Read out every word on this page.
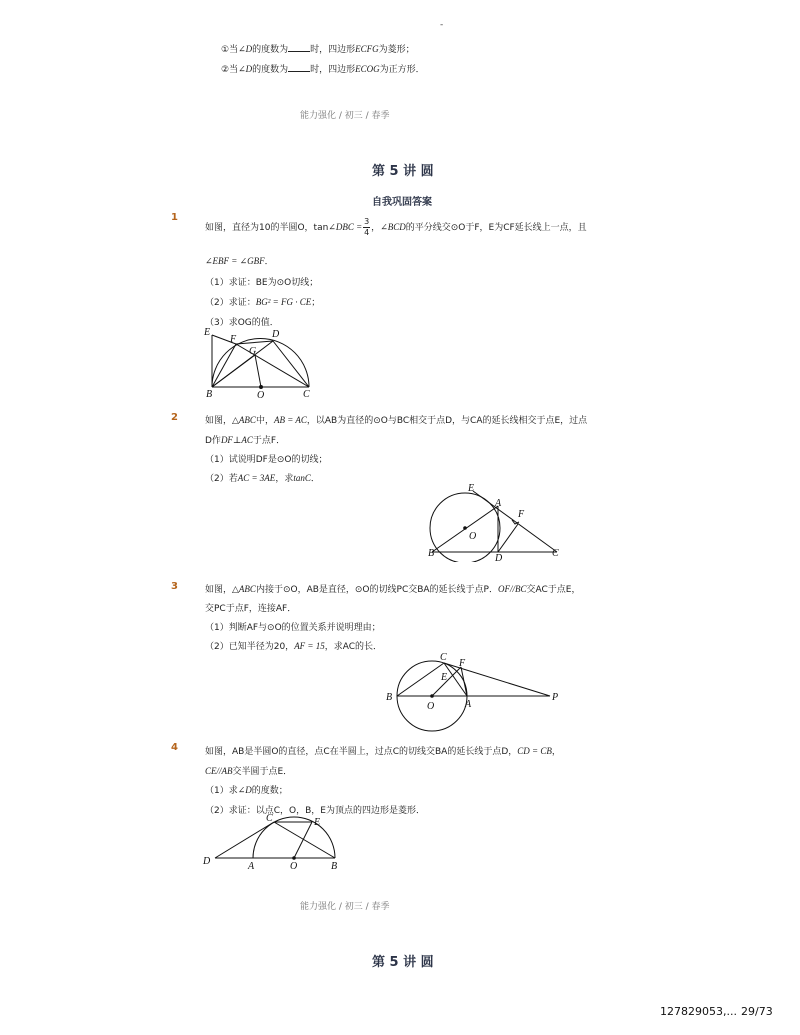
-
①当∠D的度数为 时，四边形ECFG为菱形；
②当∠D的度数为 时，四边形ECOG为正方形．
能力强化 / 初三 / 春季
第 5 讲 圆
自我巩固答案
1
如图，直径为10的半圆O，tan∠DBC = $\frac{3}{4}$ ，∠BCD的平分线交⊙O于F，E为CF延长线上一点，且
∠EBF = ∠GBF．
（1）求证：BE为⊙O切线；
（2）求证：BG² = FG · CE；
（3）求OG的值．
E
F	D
G
B	O	C
2	如图，△ABC中，AB = AC，以AB为直径的⊙O与BC相交于点D，与CA的延长线相交于点E，过点
D作DF⊥AC于点F．
（1）试说明DF是⊙O的切线；
（2）若AC = 3AE，求tanC．
E
A
F
O
B	D	C
3	如图，△ABC内接于⊙O，AB是直径，⊙O的切线PC交BA的延长线于点P．OF//BC交AC于点E，
交PC于点F，连接AF．
（1）判断AF与⊙O的位置关系并说明理由；
（2）已知半径为20，AF = 15，求AC的长．
C
F
E
B
O	A
P
4	如图，AB是半圆O的直径，点C在半圆上，过点C的切线交BA的延长线于点D，CD = CB，
CE//AB交半圆于点E．
（1）求∠D的度数；
（2）求证：以点C，O，B，E为顶点的四边形是菱形．
C	E
D	A	O	B
能力强化 / 初三 / 春季
第 5 讲 圆
127829053,... 29/73
